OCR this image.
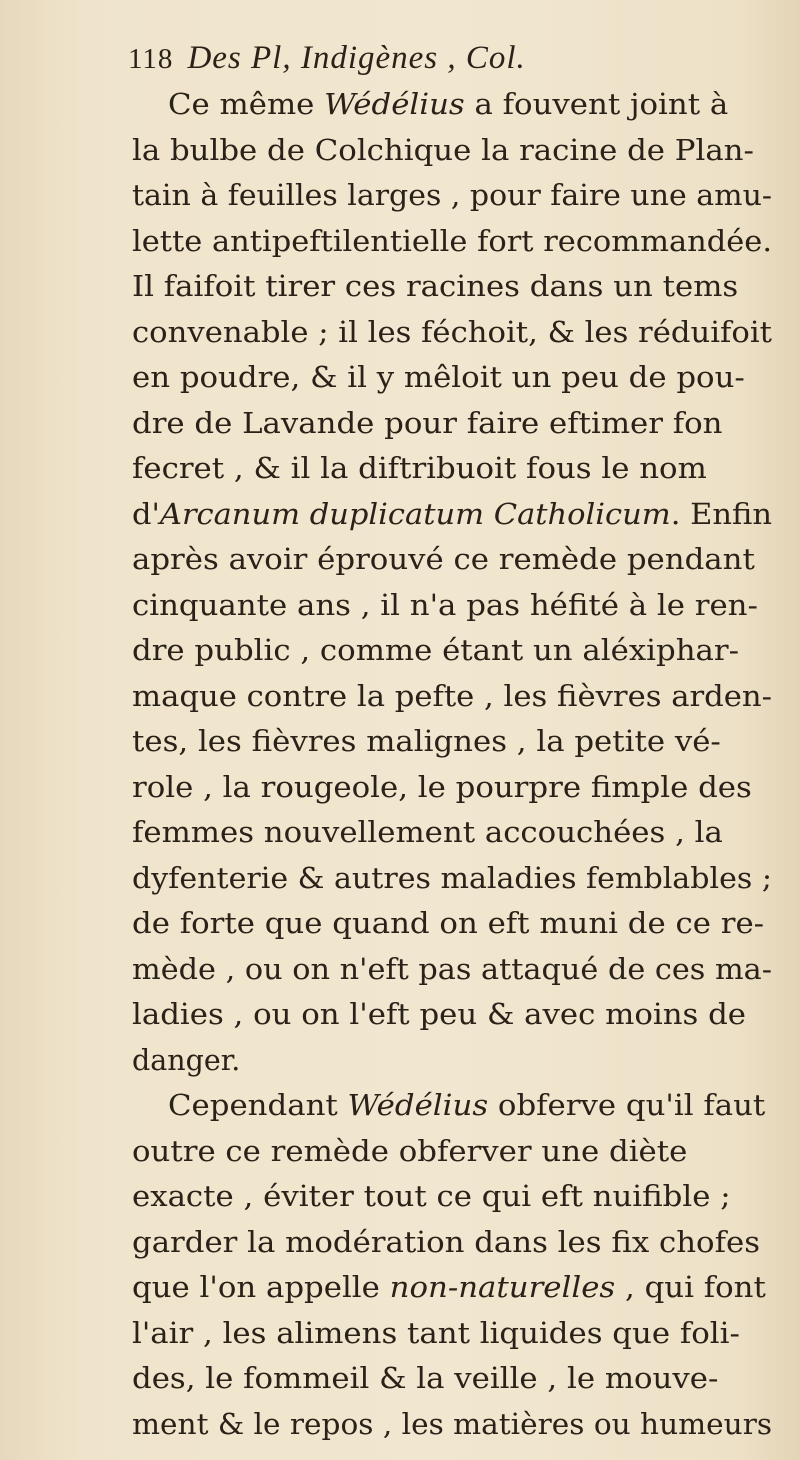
118 Des Pl, Indigènes , Col.
Ce même Wédélius a fouvent joint à
la bulbe de Colchique la racine de Plan-
tain à feuilles larges , pour faire une amu-
lette antipeftilentielle fort recommandée.
Il faifoit tirer ces racines dans un tems
convenable ; il les féchoit, & les réduifoit
en poudre, & il y mêloit un peu de pou-
dre de Lavande pour faire eftimer fon
fecret , & il la diftribuoit fous le nom
d'Arcanum duplicatum Catholicum. Enfin
après avoir éprouvé ce remède pendant
cinquante ans , il n'a pas héfité à le ren-
dre public , comme étant un aléxiphar-
maque contre la pefte , les fièvres arden-
tes, les fièvres malignes , la petite vé-
role , la rougeole, le pourpre fimple des
femmes nouvellement accouchées , la
dyfenterie & autres maladies femblables ;
de forte que quand on eft muni de ce re-
mède , ou on n'eft pas attaqué de ces ma-
ladies , ou on l'eft peu & avec moins de
danger.
Cependant Wédélius obferve qu'il faut
outre ce remède obferver une diète
exacte , éviter tout ce qui eft nuifible ;
garder la modération dans les fix chofes
que l'on appelle non-naturelles , qui font
l'air , les alimens tant liquides que foli-
des, le fommeil & la veille , le mouve-
ment & le repos , les matières ou humeurs
